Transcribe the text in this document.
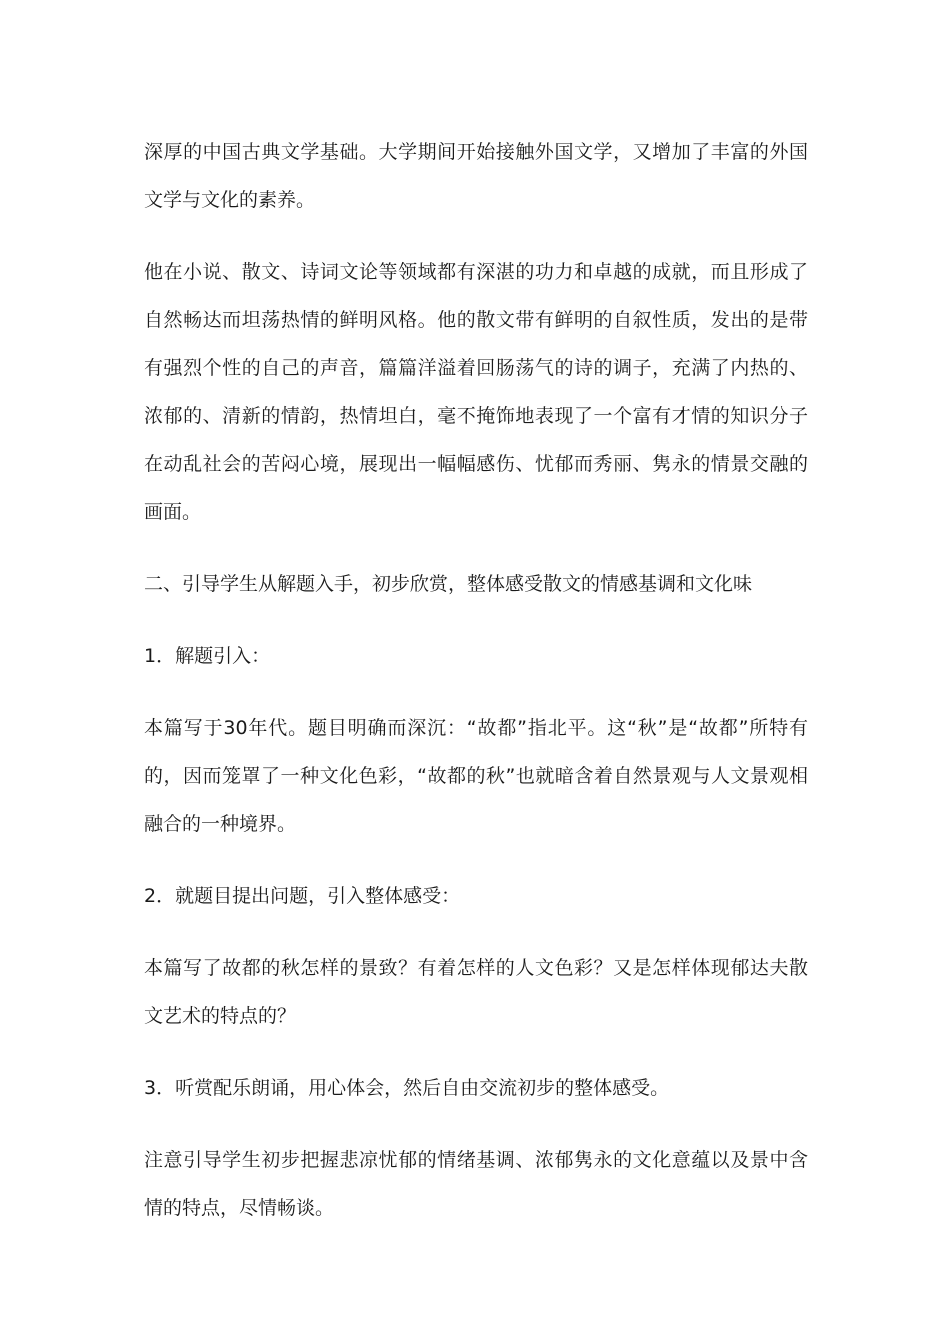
深厚的中国古典文学基础。大学期间开始接触外国文学，又增加了丰富的外国文学与文化的素养。

他在小说、散文、诗词文论等领域都有深湛的功力和卓越的成就，而且形成了自然畅达而坦荡热情的鲜明风格。他的散文带有鲜明的自叙性质，发出的是带有强烈个性的自己的声音，篇篇洋溢着回肠荡气的诗的调子，充满了内热的、浓郁的、清新的情韵，热情坦白，毫不掩饰地表现了一个富有才情的知识分子在动乱社会的苦闷心境，展现出一幅幅感伤、忧郁而秀丽、隽永的情景交融的画面。

二、引导学生从解题入手，初步欣赏，整体感受散文的情感基调和文化味

1．解题引入：

本篇写于30年代。题目明确而深沉：“故都”指北平。这“秋”是“故都”所特有的，因而笼罩了一种文化色彩，“故都的秋”也就暗含着自然景观与人文景观相融合的一种境界。

2．就题目提出问题，引入整体感受：

本篇写了故都的秋怎样的景致？有着怎样的人文色彩？又是怎样体现郁达夫散文艺术的特点的？

3．听赏配乐朗诵，用心体会，然后自由交流初步的整体感受。

注意引导学生初步把握悲凉忧郁的情绪基调、浓郁隽永的文化意蕴以及景中含情的特点，尽情畅谈。
